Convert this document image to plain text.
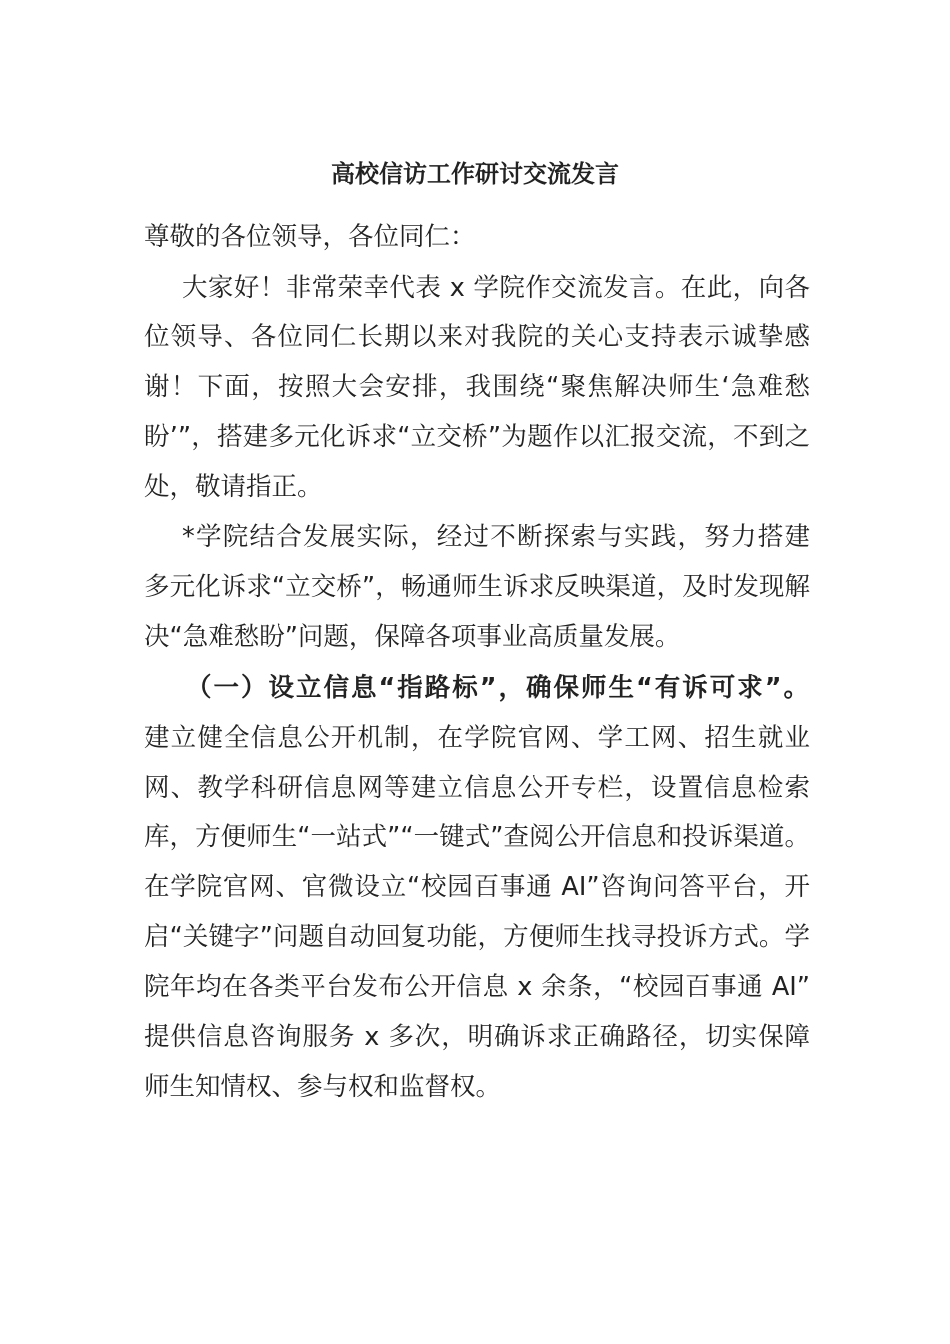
高校信访工作研讨交流发言
尊敬的各位领导，各位同仁：
大家好！非常荣幸代表 x 学院作交流发言。在此，向各
位领导、各位同仁长期以来对我院的关心支持表示诚挚感
谢！下面，按照大会安排，我围绕“聚焦解决师生‘急难愁
盼’”，搭建多元化诉求“立交桥”为题作以汇报交流，不到之
处，敬请指正。
*学院结合发展实际，经过不断探索与实践，努力搭建
多元化诉求“立交桥”，畅通师生诉求反映渠道，及时发现解
决“急难愁盼”问题，保障各项事业高质量发展。
（一）设立信息“指路标”，确保师生“有诉可求”。
建立健全信息公开机制，在学院官网、学工网、招生就业
网、教学科研信息网等建立信息公开专栏，设置信息检索
库，方便师生“一站式”“一键式”查阅公开信息和投诉渠道。
在学院官网、官微设立“校园百事通 AI”咨询问答平台，开
启“关键字”问题自动回复功能，方便师生找寻投诉方式。学
院年均在各类平台发布公开信息 x 余条，“校园百事通 AI”
提供信息咨询服务 x 多次，明确诉求正确路径，切实保障
师生知情权、参与权和监督权。
